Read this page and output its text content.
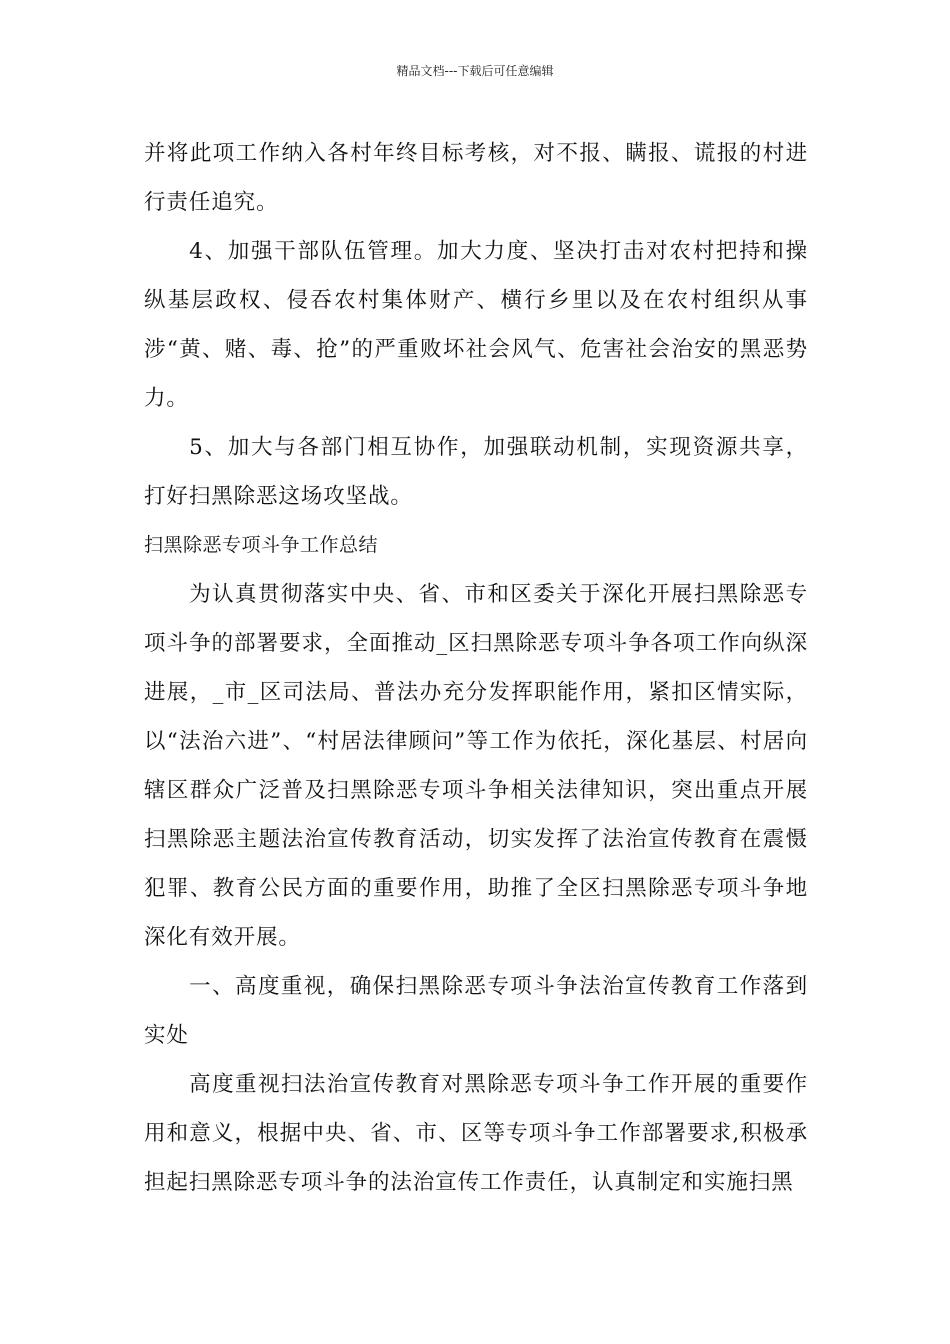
精品文档---下载后可任意编辑

并将此项工作纳入各村年终目标考核，对不报、瞒报、谎报的村进行责任追究。

4、加强干部队伍管理。加大力度、坚决打击对农村把持和操纵基层政权、侵吞农村集体财产、横行乡里以及在农村组织从事涉“黄、赌、毒、抢”的严重败坏社会风气、危害社会治安的黑恶势力。

5、加大与各部门相互协作，加强联动机制，实现资源共享，打好扫黑除恶这场攻坚战。

扫黑除恶专项斗争工作总结

为认真贯彻落实中央、省、市和区委关于深化开展扫黑除恶专项斗争的部署要求，全面推动_区扫黑除恶专项斗争各项工作向纵深进展，_市_区司法局、普法办充分发挥职能作用，紧扣区情实际，以“法治六进”、“村居法律顾问”等工作为依托，深化基层、村居向辖区群众广泛普及扫黑除恶专项斗争相关法律知识，突出重点开展扫黑除恶主题法治宣传教育活动，切实发挥了法治宣传教育在震慑犯罪、教育公民方面的重要作用，助推了全区扫黑除恶专项斗争地深化有效开展。

一、高度重视，确保扫黑除恶专项斗争法治宣传教育工作落到实处

高度重视扫法治宣传教育对黑除恶专项斗争工作开展的重要作用和意义，根据中央、省、市、区等专项斗争工作部署要求,积极承担起扫黑除恶专项斗争的法治宣传工作责任，认真制定和实施扫黑
